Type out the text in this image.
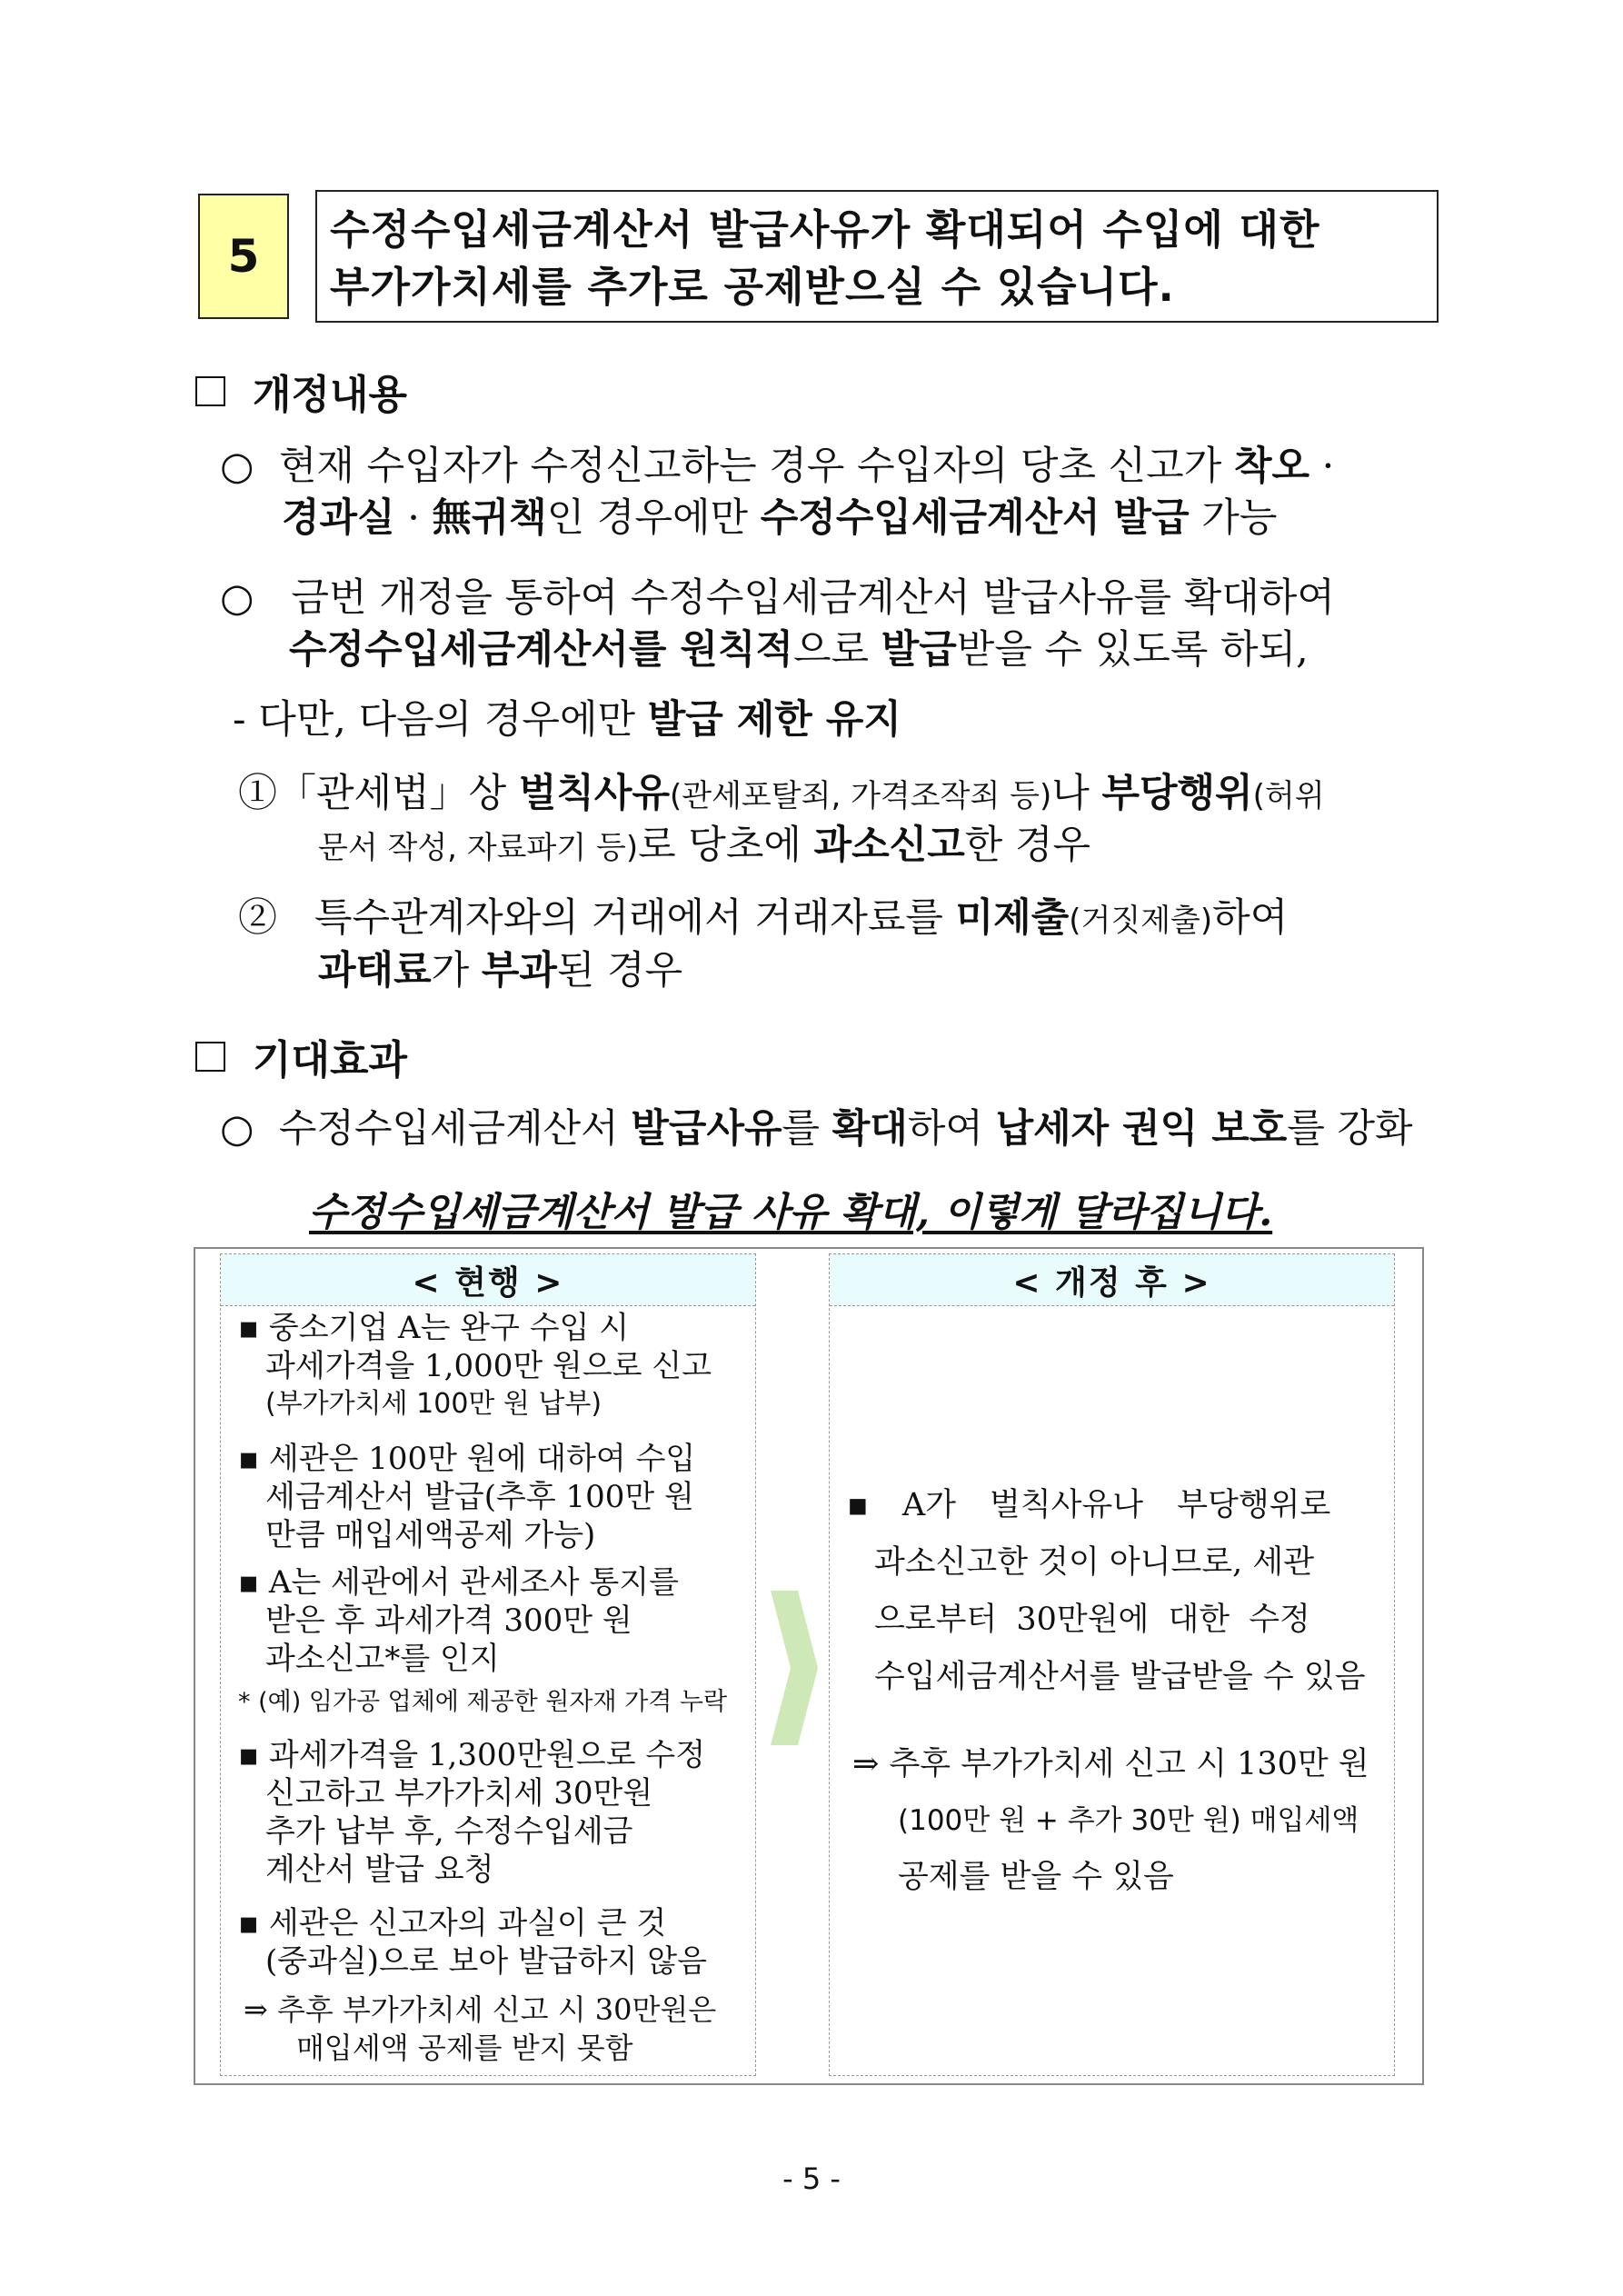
5
수정수입세금계산서 발급사유가 확대되어 수입에 대한
부가가치세를 추가로 공제받으실 수 있습니다.
개정내용
○ 현재 수입자가 수정신고하는 경우 수입자의 당초 신고가 착오 ·
경과실 · 無귀책인 경우에만 수정수입세금계산서 발급 가능
○ 금번 개정을 통하여 수정수입세금계산서 발급사유를 확대하여
수정수입세금계산서를 원칙적으로 발급받을 수 있도록 하되,
- 다만, 다음의 경우에만 발급 제한 유지
①「관세법」상 벌칙사유(관세포탈죄, 가격조작죄 등)나 부당행위(허위
문서 작성, 자료파기 등)로 당초에 과소신고한 경우
② 특수관계자와의 거래에서 거래자료를 미제출(거짓제출)하여
과태료가 부과된 경우
기대효과
○ 수정수입세금계산서 발급사유를 확대하여 납세자 권익 보호를 강화
수정수입세금계산서 발급 사유 확대, 이렇게 달라집니다.
< 현행 >	< 개정 후 >
▪ 중소기업 A는 완구 수입 시
과세가격을 1,000만 원으로 신고
(부가가치세 100만 원 납부)
▪ 세관은 100만 원에 대하여 수입
세금계산서 발급(추후 100만 원
만큼 매입세액공제 가능)
▪ A는 세관에서 관세조사 통지를
받은 후 과세가격 300만 원
과소신고*를 인지
* (예) 임가공 업체에 제공한 원자재 가격 누락
▪ 과세가격을 1,300만원으로 수정
신고하고 부가가치세 30만원
추가 납부 후, 수정수입세금
계산서 발급 요청
▪ 세관은 신고자의 과실이 큰 것
(중과실)으로 보아 발급하지 않음
⇒ 추후 부가가치세 신고 시 30만원은
매입세액 공제를 받지 못함
▪ A가 벌칙사유나 부당행위로
과소신고한 것이 아니므로, 세관
으로부터 30만원에 대한 수정
수입세금계산서를 발급받을 수 있음
⇒ 추후 부가가치세 신고 시 130만 원
(100만 원 + 추가 30만 원) 매입세액
공제를 받을 수 있음
- 5 -
